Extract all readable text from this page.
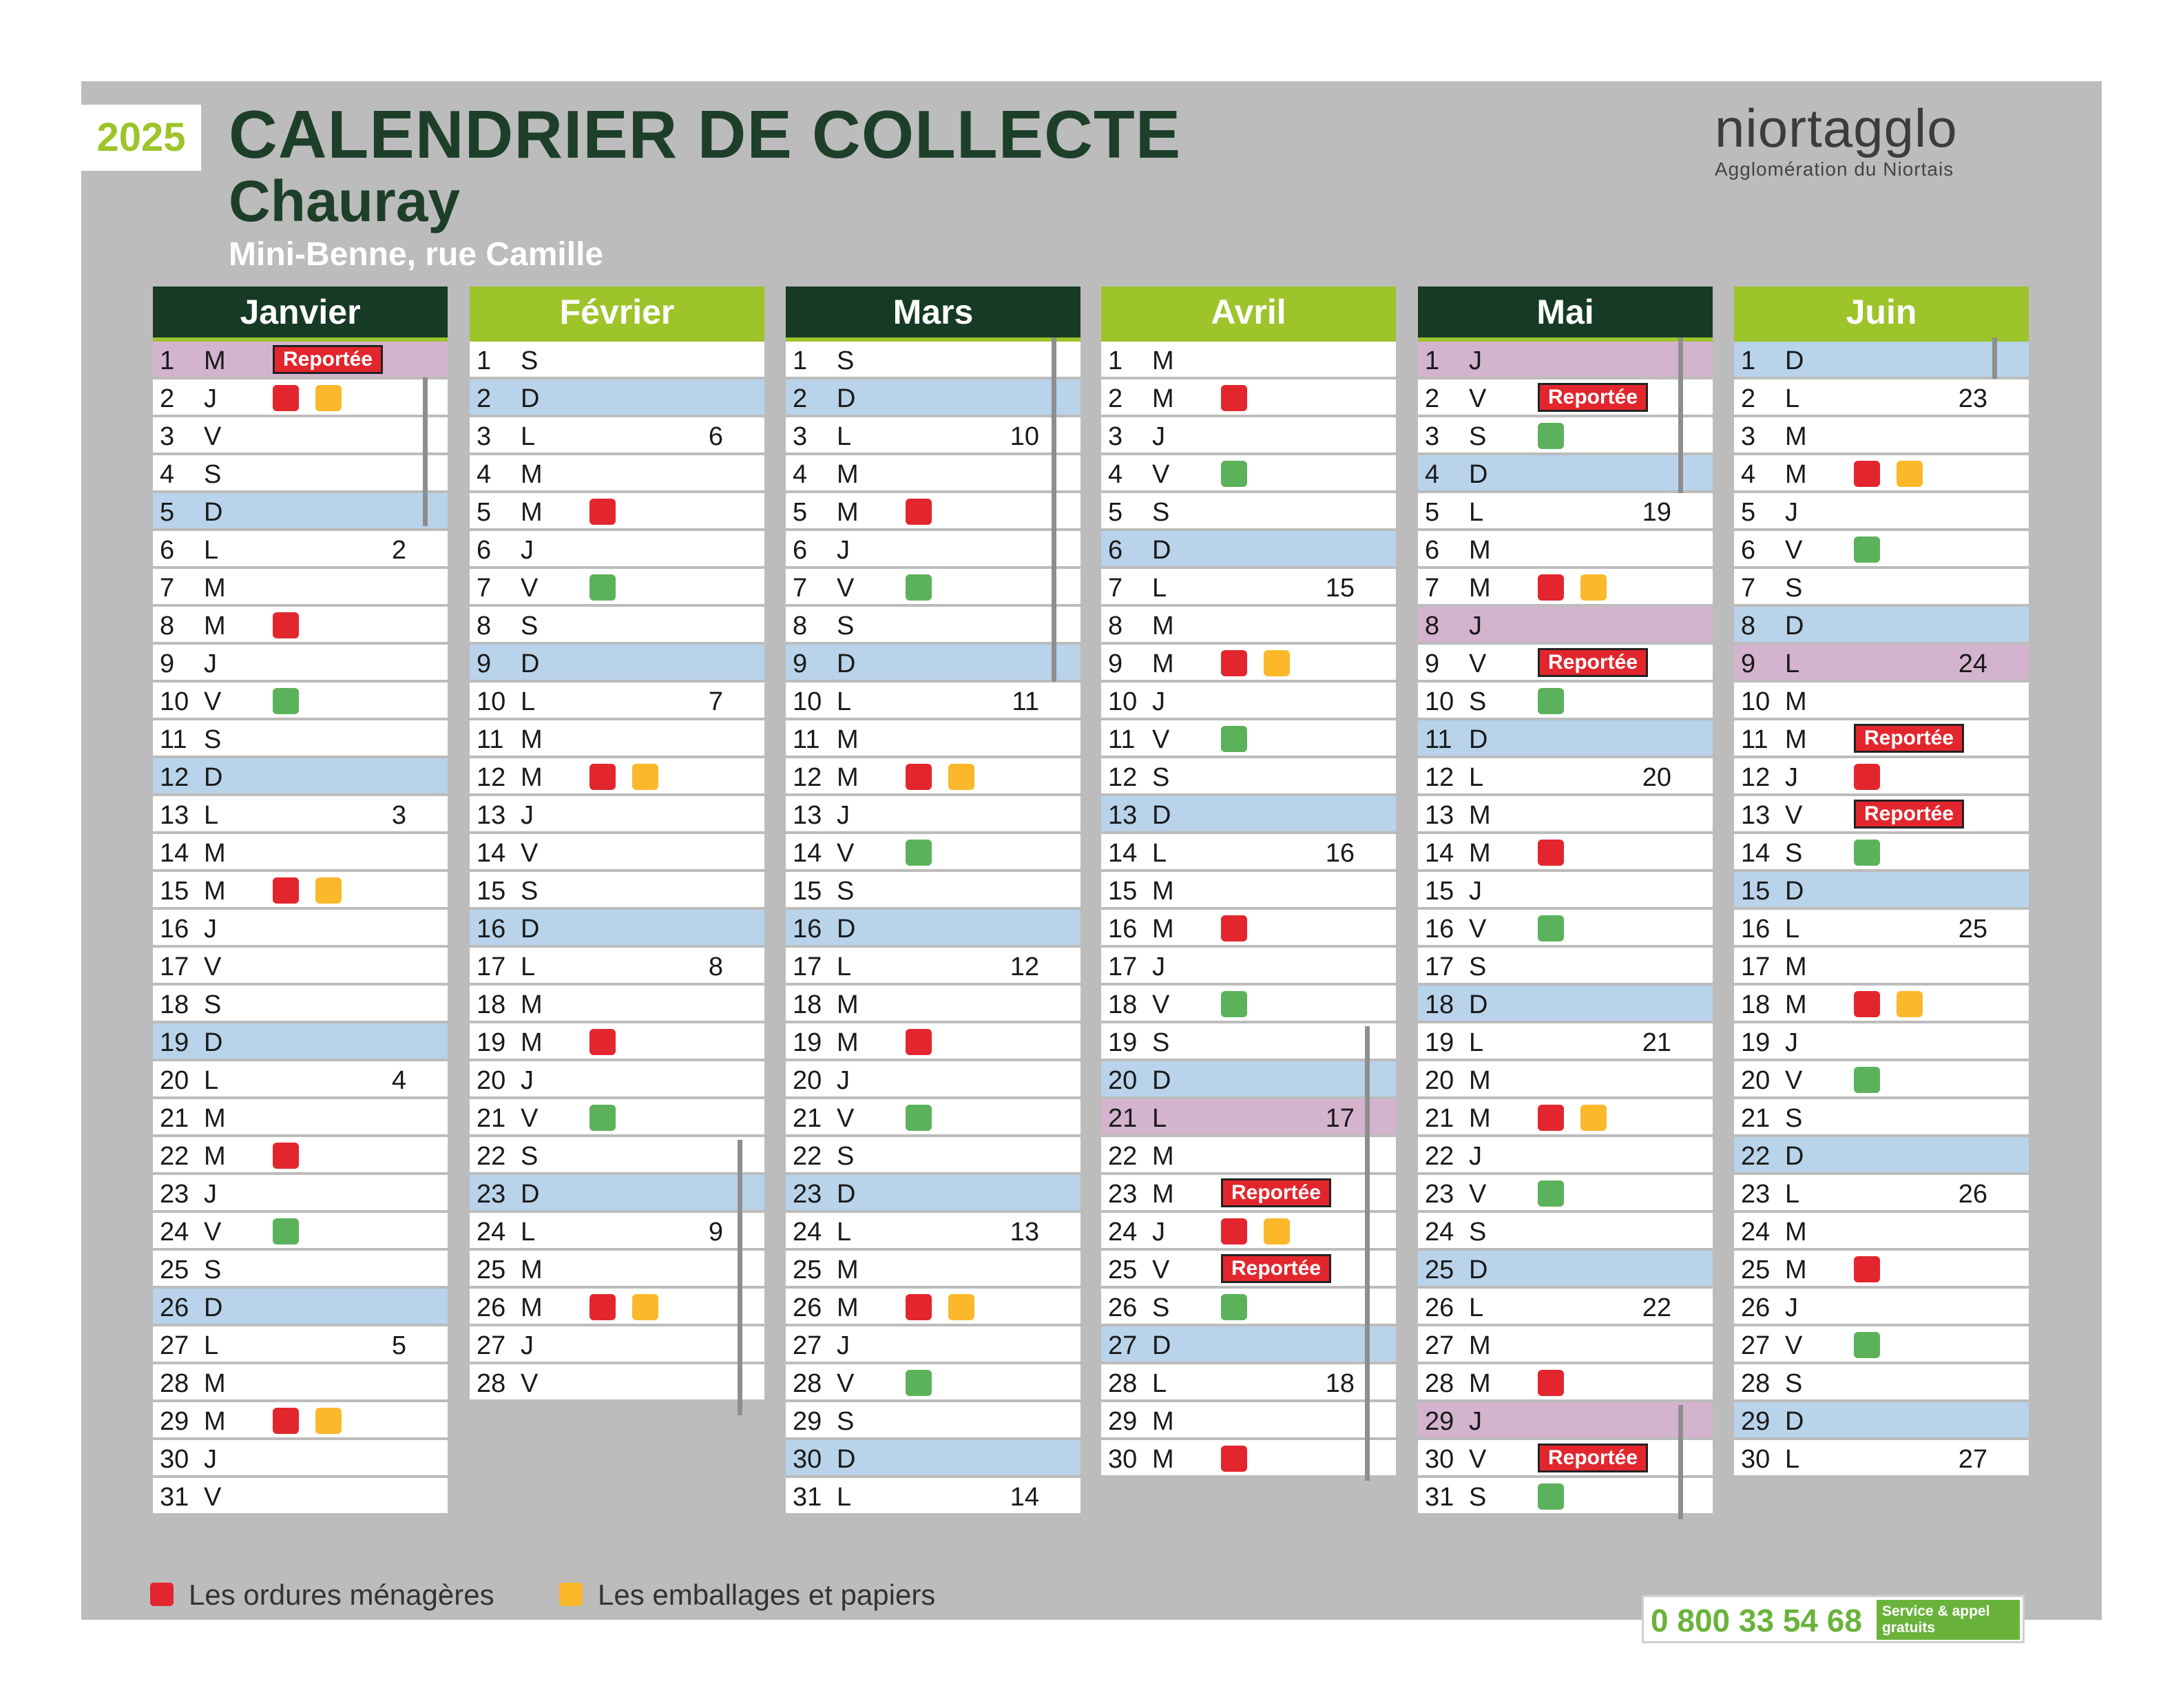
2025 CALENDRIER DE COLLECTE
Chauray
Mini-Benne, rue Camille
niortagglo
Agglomération du Niortais
Janvier
1 M	Reportée
2 J
3 V
4 S
5 D
6 L	2
7 M
8 M
9 J
10 V
11 S
12 D
13 L	3
14 M
15 M
16 J
17 V
18 S
19 D
20 L	4
21 M
22 M
23 J
24 V
25 S
26 D
27 L	5
28 M
29 M
30 J
31 V
Février
1 S
2 D
3 L	6
4 M
5 M
6 J
7 V
8 S
9 D
10 L	7
11 M
12 M
13 J
14 V
15 S
16 D
17 L	8
18 M
19 M
20 J
21 V
22 S
23 D
24 L	9
25 M
26 M
27 J
28 V
Mars
1 S
2 D
3 L	10
4 M
5 M
6 J
7 V
8 S
9 D
10 L	11
11 M
12 M
13 J
14 V
15 S
16 D
17 L	12
18 M
19 M
20 J
21 V
22 S
23 D
24 L	13
25 M
26 M
27 J
28 V
29 S
30 D
31 L	14
Avril
1 M
2 M
3 J
4 V
5 S
6 D
7 L	15
8 M
9 M
10 J
11 V
12 S
13 D
14 L	16
15 M
16 M
17 J
18 V
19 S
20 D
21 L	17
22 M
23 M	Reportée
24 J
25 V	Reportée
26 S
27 D
28 L	18
29 M
30 M
Mai
1 J
2 V	Reportée
3 S
4 D
5 L	19
6 M
7 M
8 J
9 V	Reportée
10 S
11 D
12 L	20
13 M
14 M
15 J
16 V
17 S
18 D
19 L	21
20 M
21 M
22 J
23 V
24 S
25 D
26 L	22
27 M
28 M
29 J
30 V	Reportée
31 S
Juin
1 D
2 L	23
3 M
4 M
5 J
6 V
7 S
8 D
9 L	24
10 M
11 M	Reportée
12 J
13 V	Reportée
14 S
15 D
16 L	25
17 M
18 M
19 J
20 V
21 S
22 D
23 L	26
24 M
25 M
26 J
27 V
28 S
29 D
30 L	27
Les ordures ménagères	Les emballages et papiers
0 800 33 54 68	Service & appel gratuits
